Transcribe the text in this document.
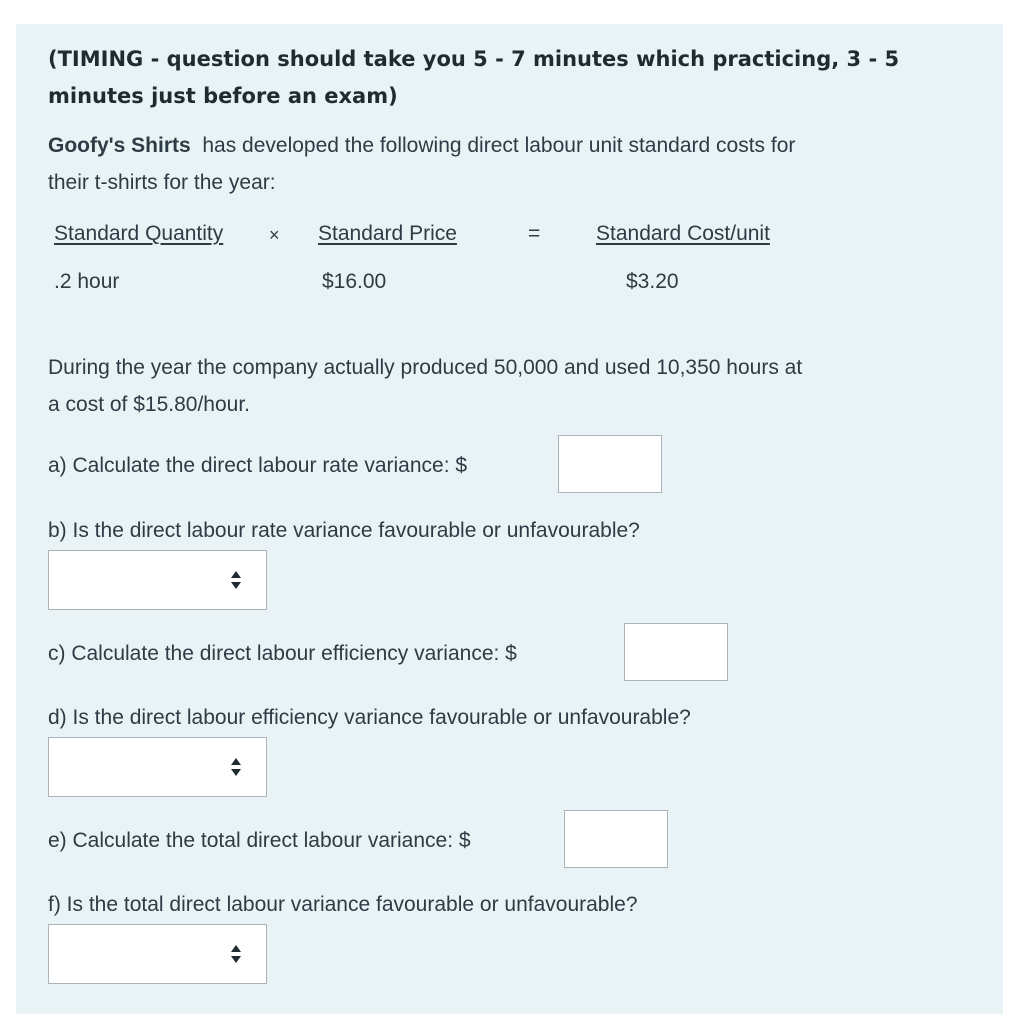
(TIMING - question should take you 5 - 7 minutes which practicing, 3 - 5
minutes just before an exam)
Goofy's Shirts has developed the following direct labour unit standard costs for
their t-shirts for the year:
Standard Quantity	× Standard Price	=	Standard Cost/unit
.2 hour	$16.00	$3.20
During the year the company actually produced 50,000 and used 10,350 hours at
a cost of $15.80/hour.
a) Calculate the direct labour rate variance: $
b) Is the direct labour rate variance favourable or unfavourable?
c) Calculate the direct labour efficiency variance: $
d) Is the direct labour efficiency variance favourable or unfavourable?
e) Calculate the total direct labour variance: $
f) Is the total direct labour variance favourable or unfavourable?
